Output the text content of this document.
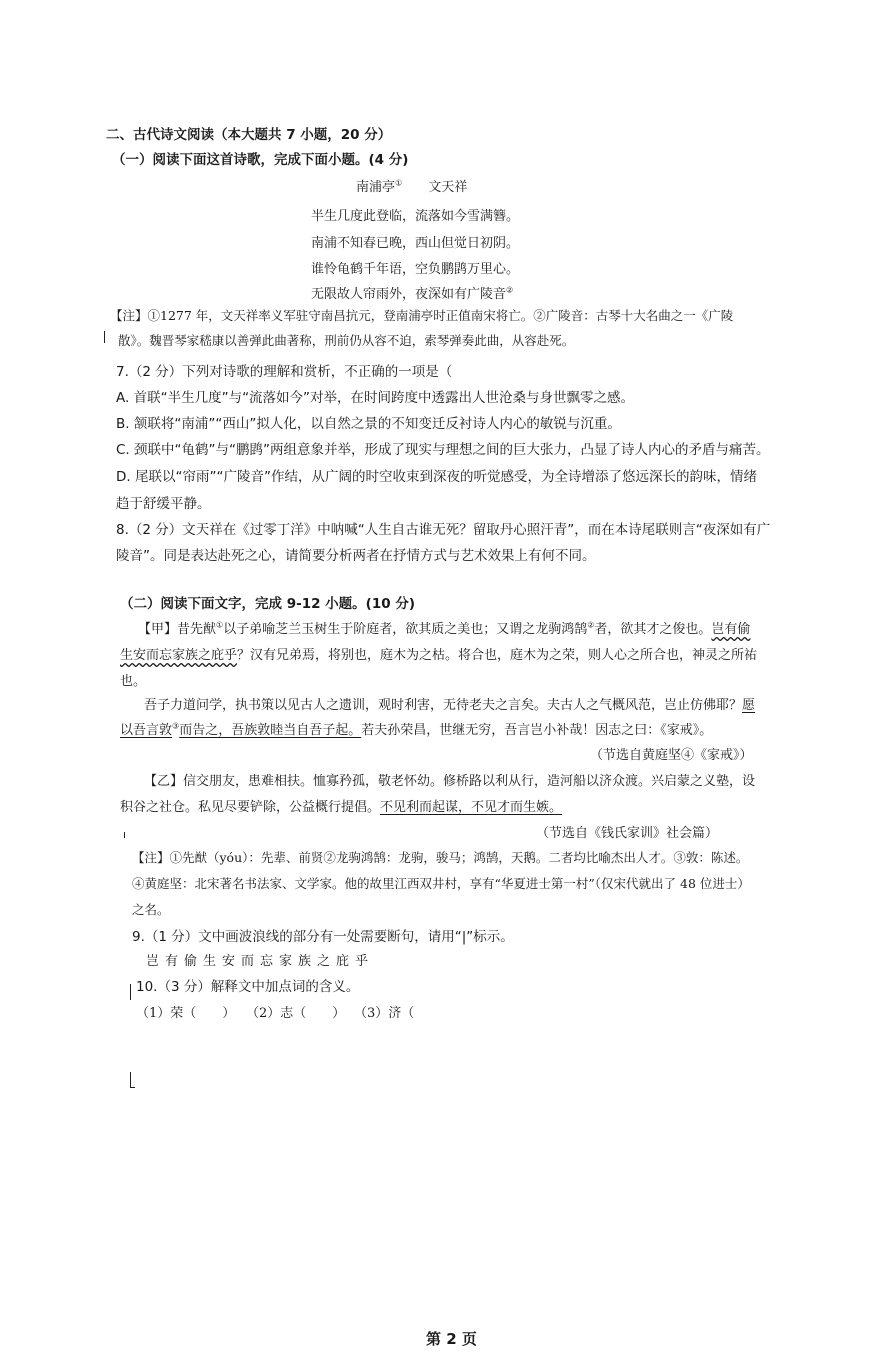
二、古代诗文阅读（本大题共 7 小题，20 分）
（一）阅读下面这首诗歌，完成下面小题。(4 分)
南浦亭① 文天祥
半生几度此登临，流落如今雪满簪。
南浦不知春已晚，西山但觉日初阴。
谁怜龟鹤千年语，空负鹏鹍万里心。
无限故人帘雨外，夜深如有广陵音②
【注】①1277 年，文天祥率义军驻守南昌抗元，登南浦亭时正值南宋将亡。②广陵音：古琴十大名曲之一《广陵
散》。魏晋琴家嵇康以善弹此曲著称，刑前仍从容不迫，索琴弹奏此曲，从容赴死。
7.（2 分）下列对诗歌的理解和赏析，不正确的一项是（
A. 首联“半生几度”与“流落如今”对举，在时间跨度中透露出人世沧桑与身世飘零之感。
B. 颔联将“南浦”“西山”拟人化，以自然之景的不知变迁反衬诗人内心的敏锐与沉重。
C. 颈联中“龟鹤”与“鹏鹍”两组意象并举，形成了现实与理想之间的巨大张力，凸显了诗人内心的矛盾与痛苦。
D. 尾联以“帘雨”“广陵音”作结，从广阔的时空收束到深夜的听觉感受，为全诗增添了悠远深长的韵味，情绪
趋于舒缓平静。
8.（2 分）文天祥在《过零丁洋》中呐喊“人生自古谁无死？留取丹心照汗青”，而在本诗尾联则言“夜深如有广
陵音”。同是表达赴死之心，请简要分析两者在抒情方式与艺术效果上有何不同。
（二）阅读下面文字，完成 9-12 小题。(10 分)
【甲】昔先猷①以子弟喻芝兰玉树生于阶庭者，欲其质之美也；又谓之龙驹鸿鹄②者，欲其才之俊也。岂有偷
生安而忘家族之庇乎？汉有兄弟焉，将别也，庭木为之枯。将合也，庭木为之荣，则人心之所合也，神灵之所祐
也。
吾子力道问学，执书策以见古人之遗训，观时利害，无待老夫之言矣。夫古人之气概风范，岂止仿佛耶？愿
以吾言敦③而告之，吾族敦睦当自吾子起。若夫孙荣昌，世继无穷，吾言岂小补哉！因志之曰：《家戒》。
（节选自黄庭坚④《家戒》）
【乙】信交朋友，患难相扶。恤寡矜孤，敬老怀幼。修桥路以利从行，造河船以济众渡。兴启蒙之义塾，设
积谷之社仓。私见尽要铲除，公益概行提倡。不见利而起谋，不见才而生嫉。
（节选自《钱氏家训》社会篇）
【注】①先猷（yóu）：先辈、前贤②龙驹鸿鹄：龙驹，骏马；鸿鹄，天鹅。二者均比喻杰出人才。③敦：陈述。
④黄庭坚：北宋著名书法家、文学家。他的故里江西双井村，享有“华夏进士第一村”（仅宋代就出了 48 位进士）
之名。
9.（1 分）文中画波浪线的部分有一处需要断句，请用“|”标示。
岂有偷生安而忘家族之庇乎
10.（3 分）解释文中加点词的含义。
（1）荣（　　） （2）志（　　） （3）济（
第 2 页
